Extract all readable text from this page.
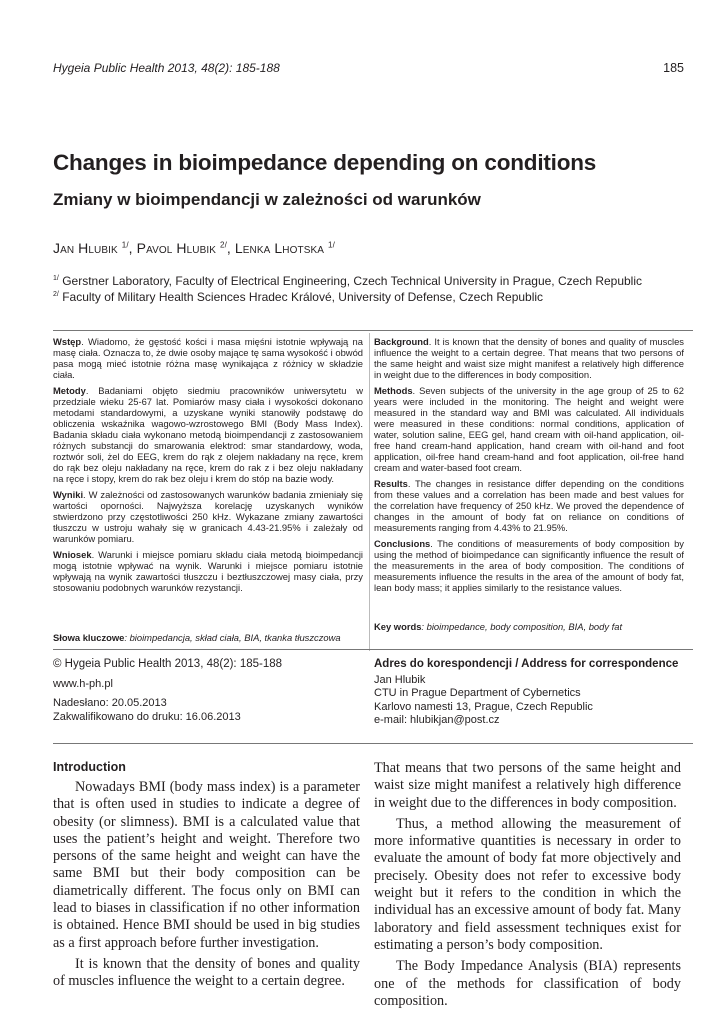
Hygeia Public Health 2013, 48(2): 185-188	185
Changes in bioimpedance depending on conditions
Zmiany w bioimpendancji w zależności od warunków
Jan Hlubik $^{1/}$, Pavol Hlubik $^{2/}$, Lenka Lhotska $^{1/}$
$^{1/}$ Gerstner Laboratory, Faculty of Electrical Engineering, Czech Technical University in Prague, Czech Republic
$^{2/}$ Faculty of Military Health Sciences Hradec Králové, University of Defense, Czech Republic

Wstęp. Wiadomo, że gęstość kości i masa mięśni istotnie wpływają na masę ciała. Oznacza to, że dwie osoby mające tę sama wysokość i obwód pasa mogą mieć istotnie różna masę wynikająca z różnicy w składzie ciała.

Metody. Badaniami objęto siedmiu pracowników uniwersytetu w przedziale wieku 25-67 lat. Pomiarów masy ciała i wysokości dokonano metodami standardowymi, a uzyskane wyniki stanowiły podstawę do obliczenia wskaźnika wagowo-wzrostowego BMI (Body Mass Index). Badania składu ciała wykonano metodą bioimpendancji z zastosowaniem różnych substancji do smarowania elektrod: smar standardowy, woda, roztwór soli, żel do EEG, krem do rąk z olejem nakładany na ręce, krem do rąk bez oleju nakładany na ręce, krem do rak z i bez oleju nakładany na ręce i stopy, krem do rak bez oleju i krem do stóp na bazie wody.

Wyniki. W zależności od zastosowanych warunków badania zmieniały się wartości oporności. Najwyższa korelację uzyskanych wyników stwierdzono przy częstotliwości 250 kHz. Wykazane zmiany zawartości tłuszczu w ustroju wahały się w granicach 4.43-21.95% i zależały od warunków pomiaru.

Wniosek. Warunki i miejsce pomiaru składu ciała metodą bioimpedancji mogą istotnie wpływać na wynik. Warunki i miejsce pomiaru istotnie wpływają na wynik zawartości tłuszczu i beztłuszczowej masy ciała, przy stosowaniu podobnych warunków rezystancji.

Słowa kluczowe: bioimpedancja, skład ciała, BIA, tkanka tłuszczowa

Background. It is known that the density of bones and quality of muscles influence the weight to a certain degree. That means that two persons of the same height and waist size might manifest a relatively high difference in weight due to the differences in body composition.

Methods. Seven subjects of the university in the age group of 25 to 62 years were included in the monitoring. The height and weight were measured in the standard way and BMI was calculated. All individuals were measured in these conditions: normal conditions, application of water, solution saline, EEG gel, hand cream with oil-hand application, oil-free hand cream-hand application, hand cream with oil-hand and foot application, oil-free hand cream-hand and foot application, oil-free hand cream and water-based foot cream.

Results. The changes in resistance differ depending on the conditions from these values and a correlation has been made and best values for the correlation have frequency of 250 kHz. We proved the dependence of changes in the amount of body fat on reliance on conditions of measurements ranging from 4.43% to 21.95%.

Conclusions. The conditions of measurements of body composition by using the method of bioimpedance can significantly influence the result of the measurements in the area of body composition. The conditions of measurements influence the results in the area of the amount of body fat, lean body mass; it applies similarly to the resistance values.

Key words: bioimpedance, body composition, BIA, body fat
© Hygeia Public Health 2013, 48(2): 185-188
www.h-ph.pl
Nadesłano: 20.05.2013
Zakwalifikowano do druku: 16.06.2013
Adres do korespondencji / Address for correspondence
Jan Hlubik
CTU in Prague Department of Cybernetics
Karlovo namesti 13, Prague, Czech Republic
e-mail: hlubikjan@post.cz
Introduction

Nowadays BMI (body mass index) is a parameter that is often used in studies to indicate a degree of obesity (or slimness). BMI is a calculated value that uses the patient’s height and weight. Therefore two persons of the same height and weight can have the same BMI but their body composition can be diametrically different. The focus only on BMI can lead to biases in classification if no other information is obtained. Hence BMI should be used in big studies as a first approach before further investigation.

It is known that the density of bones and quality of muscles influence the weight to a certain degree.

That means that two persons of the same height and waist size might manifest a relatively high difference in weight due to the differences in body composition.

Thus, a method allowing the measurement of more informative quantities is necessary in order to evaluate the amount of body fat more objectively and precisely. Obesity does not refer to excessive body weight but it refers to the condition in which the individual has an excessive amount of body fat. Many laboratory and field assessment techniques exist for estimating a person’s body composition.

The Body Impedance Analysis (BIA) represents one of the methods for classification of body composition.
